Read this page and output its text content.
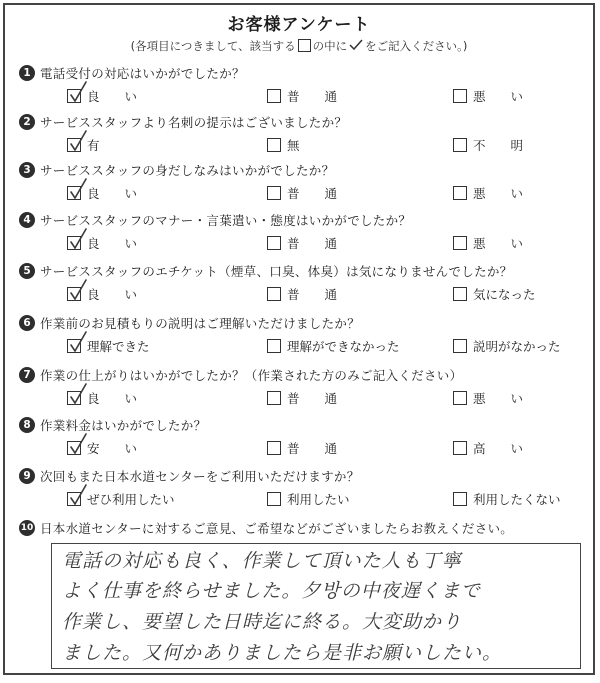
お客様アンケート
(各項目につきまして、該当する の中に をご記入ください。)
1 電話受付の対応はいかがでしたか？
良　　い	普　　通	悪　　い
2 サービススタッフより名刺の提示はございましたか？
有	無	不　　明
3 サービススタッフの身だしなみはいかがでしたか？
良　　い	普　　通	悪　　い
4 サービススタッフのマナー・言葉遣い・態度はいかがでしたか？
良　　い	普　　通	悪　　い
5 サービススタッフのエチケット（煙草、口臭、体臭）は気になりませんでしたか？
良　　い	普　　通	気になった
6 作業前のお見積もりの説明はご理解いただけましたか？
理解できた	理解ができなかった	説明がなかった
7 作業の仕上がりはいかがでしたか？（作業された方のみご記入ください）
良　　い	普　　通	悪　　い
8 作業料金はいかがでしたか？
安　　い	普　　通	高　　い
9 次回もまた日本水道センターをご利用いただけますか？
ぜひ利用したい	利用したい	利用したくない
10 日本水道センターに対するご意見、ご希望などがございましたらお教えください。
電話の対応も良く、作業して頂いた人も丁寧
よく仕事を終らせました。夕방の中夜遅くまで
作業し、要望した日時迄に終る。大変助かり
ました。又何かありましたら是非お願いしたい。
